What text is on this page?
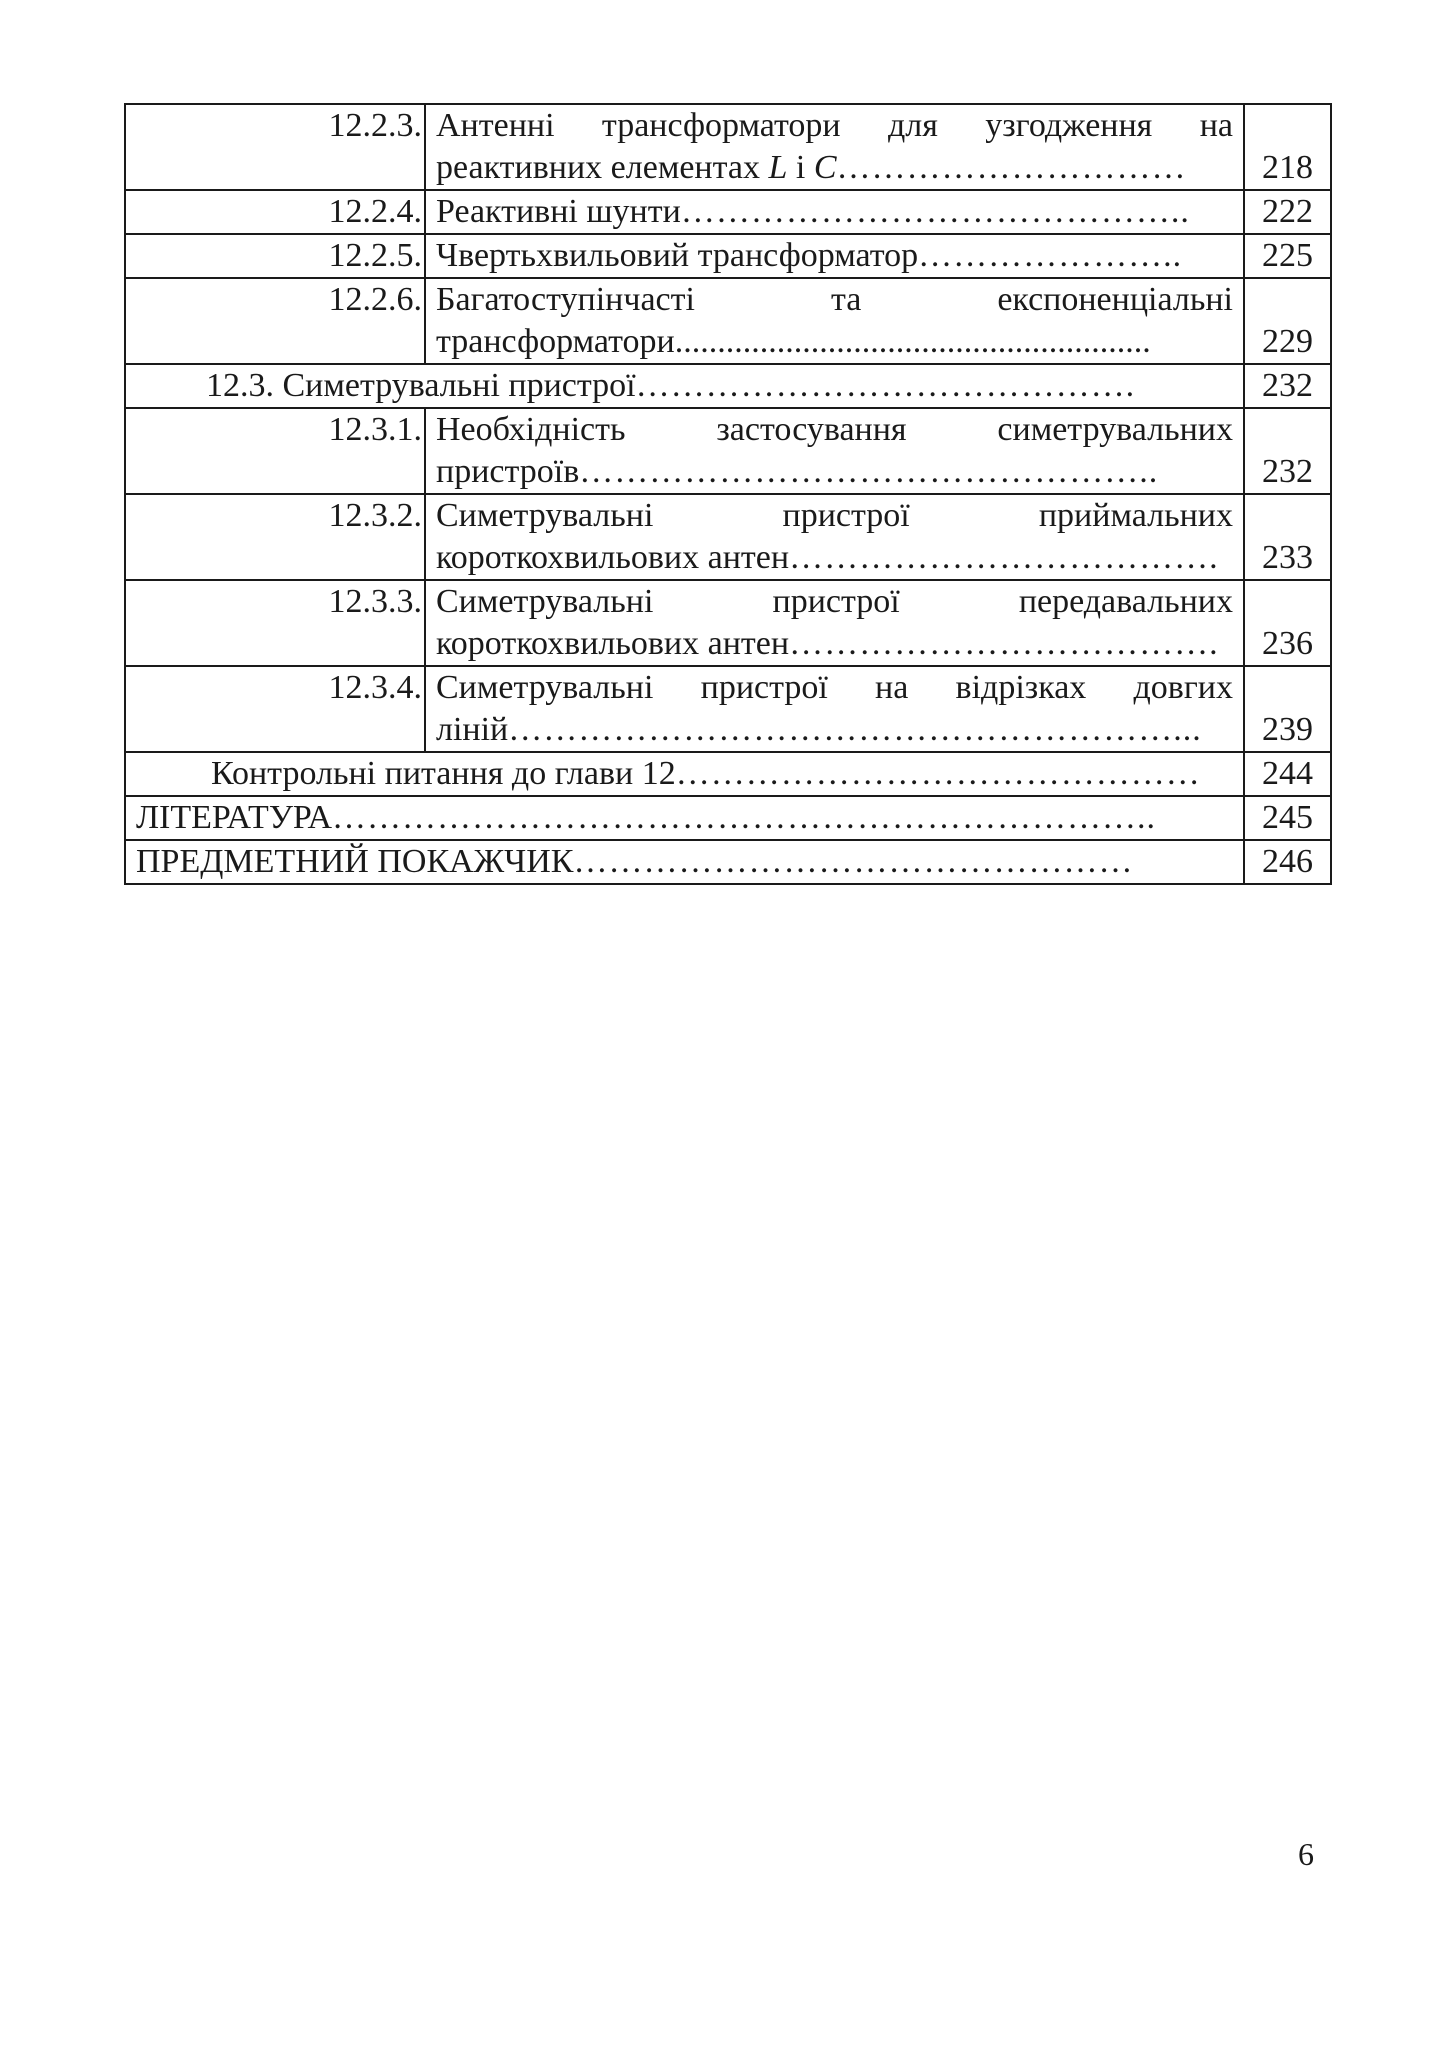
12.2.3.	Антенні трансформатори для узгодження на
реактивних елементах L і C…………………………	218
12.2.4.	Реактивні шунти……………………………………..	222
12.2.5.	Чвертьхвильовий трансформатор…………………..	225
12.2.6.	Багатоступінчасті та експоненціальні
трансформатори........................................................	229

12.3. Симетрувальні пристрої…………………………………….		232
12.3.1.	Необхідність застосування симетрувальних
пристроїв…………………………………………..	232
12.3.2.	Симетрувальні пристрої приймальних
короткохвильових антен……………………………….	233
12.3.3.	Симетрувальні пристрої передавальних
короткохвильових антен……………………………….	236
12.3.4.	Симетрувальні пристрої на відрізках довгих
ліній…………………………………………………...	239

Контрольні питання до глави 12………………………………………		244

ЛІТЕРАТУРА……………………………………………………………..		245

ПРЕДМЕТНИЙ ПОКАЖЧИК…………………………………………		246
6
